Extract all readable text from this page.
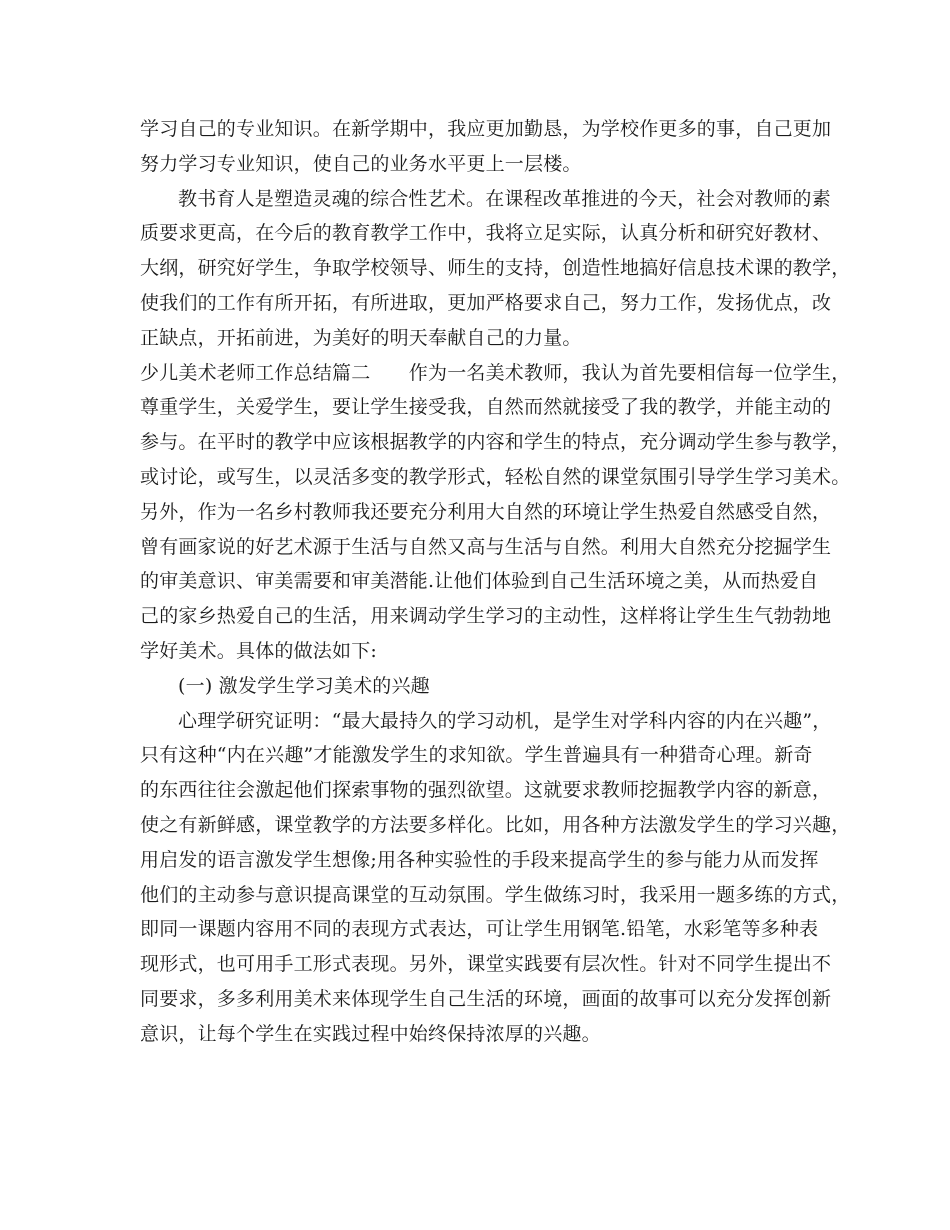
学习自己的专业知识。在新学期中，我应更加勤恳，为学校作更多的事，自己更加
努力学习专业知识，使自己的业务水平更上一层楼。
教书育人是塑造灵魂的综合性艺术。在课程改革推进的今天，社会对教师的素
质要求更高，在今后的教育教学工作中，我将立足实际，认真分析和研究好教材、
大纲，研究好学生，争取学校领导、师生的支持，创造性地搞好信息技术课的教学，
使我们的工作有所开拓，有所进取，更加严格要求自己，努力工作，发扬优点，改
正缺点，开拓前进，为美好的明天奉献自己的力量。
少儿美术老师工作总结篇二　　作为一名美术教师，我认为首先要相信每一位学生，
尊重学生，关爱学生，要让学生接受我，自然而然就接受了我的教学，并能主动的
参与。在平时的教学中应该根据教学的内容和学生的特点，充分调动学生参与教学，
或讨论，或写生，以灵活多变的教学形式，轻松自然的课堂氛围引导学生学习美术。
另外，作为一名乡村教师我还要充分利用大自然的环境让学生热爱自然感受自然，
曾有画家说的好艺术源于生活与自然又高与生活与自然。利用大自然充分挖掘学生
的审美意识、审美需要和审美潜能.让他们体验到自己生活环境之美，从而热爱自
己的家乡热爱自己的生活，用来调动学生学习的主动性，这样将让学生生气勃勃地
学好美术。具体的做法如下:
(一) 激发学生学习美术的兴趣
心理学研究证明：“最大最持久的学习动机，是学生对学科内容的内在兴趣”，
只有这种“内在兴趣”才能激发学生的求知欲。学生普遍具有一种猎奇心理。新奇
的东西往往会激起他们探索事物的强烈欲望。这就要求教师挖掘教学内容的新意，
使之有新鲜感，课堂教学的方法要多样化。比如，用各种方法激发学生的学习兴趣，
用启发的语言激发学生想像;用各种实验性的手段来提高学生的参与能力从而发挥
他们的主动参与意识提高课堂的互动氛围。学生做练习时，我采用一题多练的方式，
即同一课题内容用不同的表现方式表达，可让学生用钢笔.铅笔，水彩笔等多种表
现形式，也可用手工形式表现。另外，课堂实践要有层次性。针对不同学生提出不
同要求，多多利用美术来体现学生自己生活的环境，画面的故事可以充分发挥创新
意识，让每个学生在实践过程中始终保持浓厚的兴趣。
